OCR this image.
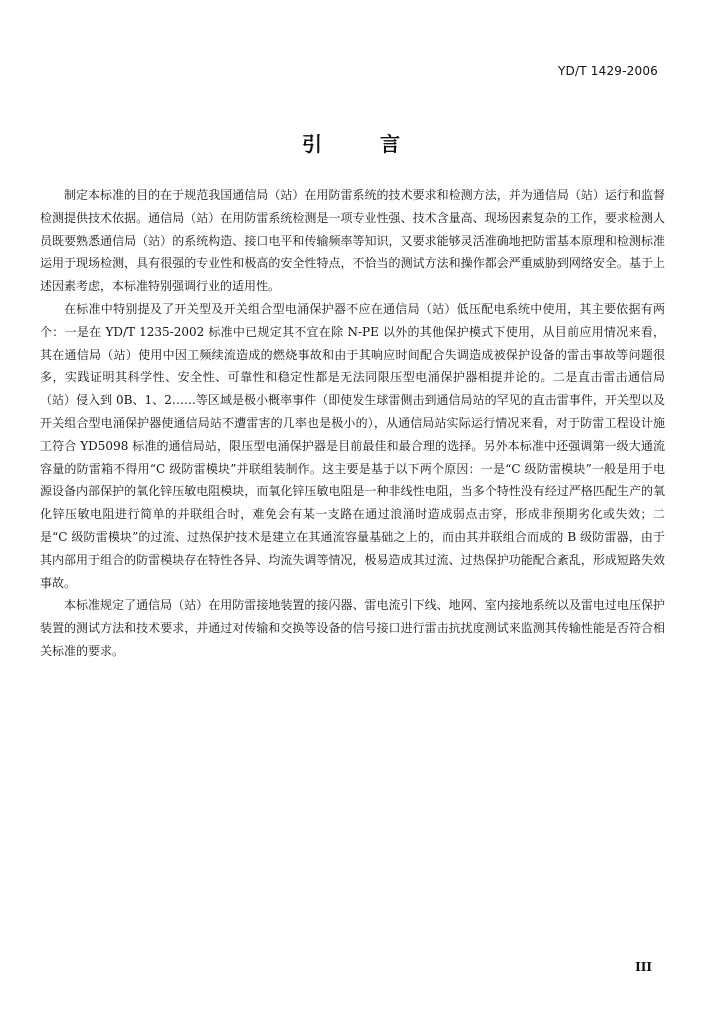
YD/T 1429-2006
引言

制定本标准的目的在于规范我国通信局（站）在用防雷系统的技术要求和检测方法，并为通信局（站）运行和监督检测提供技术依据。通信局（站）在用防雷系统检测是一项专业性强、技术含量高、现场因素复杂的工作，要求检测人员既要熟悉通信局（站）的系统构造、接口电平和传输频率等知识，又要求能够灵活准确地把防雷基本原理和检测标准运用于现场检测，具有很强的专业性和极高的安全性特点，不恰当的测试方法和操作都会严重威胁到网络安全。基于上述因素考虑，本标准特别强调行业的适用性。

在标准中特别提及了开关型及开关组合型电涌保护器不应在通信局（站）低压配电系统中使用，其主要依据有两个：一是在 YD/T 1235-2002 标准中已规定其不宜在除 N-PE 以外的其他保护模式下使用，从目前应用情况来看，其在通信局（站）使用中因工频续流造成的燃烧事故和由于其响应时间配合失调造成被保护设备的雷击事故等问题很多，实践证明其科学性、安全性、可靠性和稳定性都是无法同限压型电涌保护器相提并论的。二是直击雷击通信局（站）侵入到 0B、1、2……等区域是极小概率事件（即使发生球雷侧击到通信局站的罕见的直击雷事件，开关型以及开关组合型电涌保护器使通信局站不遭雷害的几率也是极小的），从通信局站实际运行情况来看，对于防雷工程设计施工符合 YD5098 标准的通信局站，限压型电涌保护器是目前最佳和最合理的选择。另外本标准中还强调第一级大通流容量的防雷箱不得用“C 级防雷模块”并联组装制作。这主要是基于以下两个原因：一是“C 级防雷模块”一般是用于电源设备内部保护的氧化锌压敏电阻模块，而氧化锌压敏电阻是一种非线性电阻，当多个特性没有经过严格匹配生产的氧化锌压敏电阻进行简单的并联组合时，难免会有某一支路在通过浪涌时造成弱点击穿，形成非预期劣化或失效；二是“C 级防雷模块”的过流、过热保护技术是建立在其通流容量基础之上的，而由其并联组合而成的 B 级防雷器，由于其内部用于组合的防雷模块存在特性各异、均流失调等情况，极易造成其过流、过热保护功能配合紊乱，形成短路失效事故。

本标准规定了通信局（站）在用防雷接地装置的接闪器、雷电流引下线、地网、室内接地系统以及雷电过电压保护装置的测试方法和技术要求，并通过对传输和交换等设备的信号接口进行雷击抗扰度测试来监测其传输性能是否符合相关标准的要求。

III
